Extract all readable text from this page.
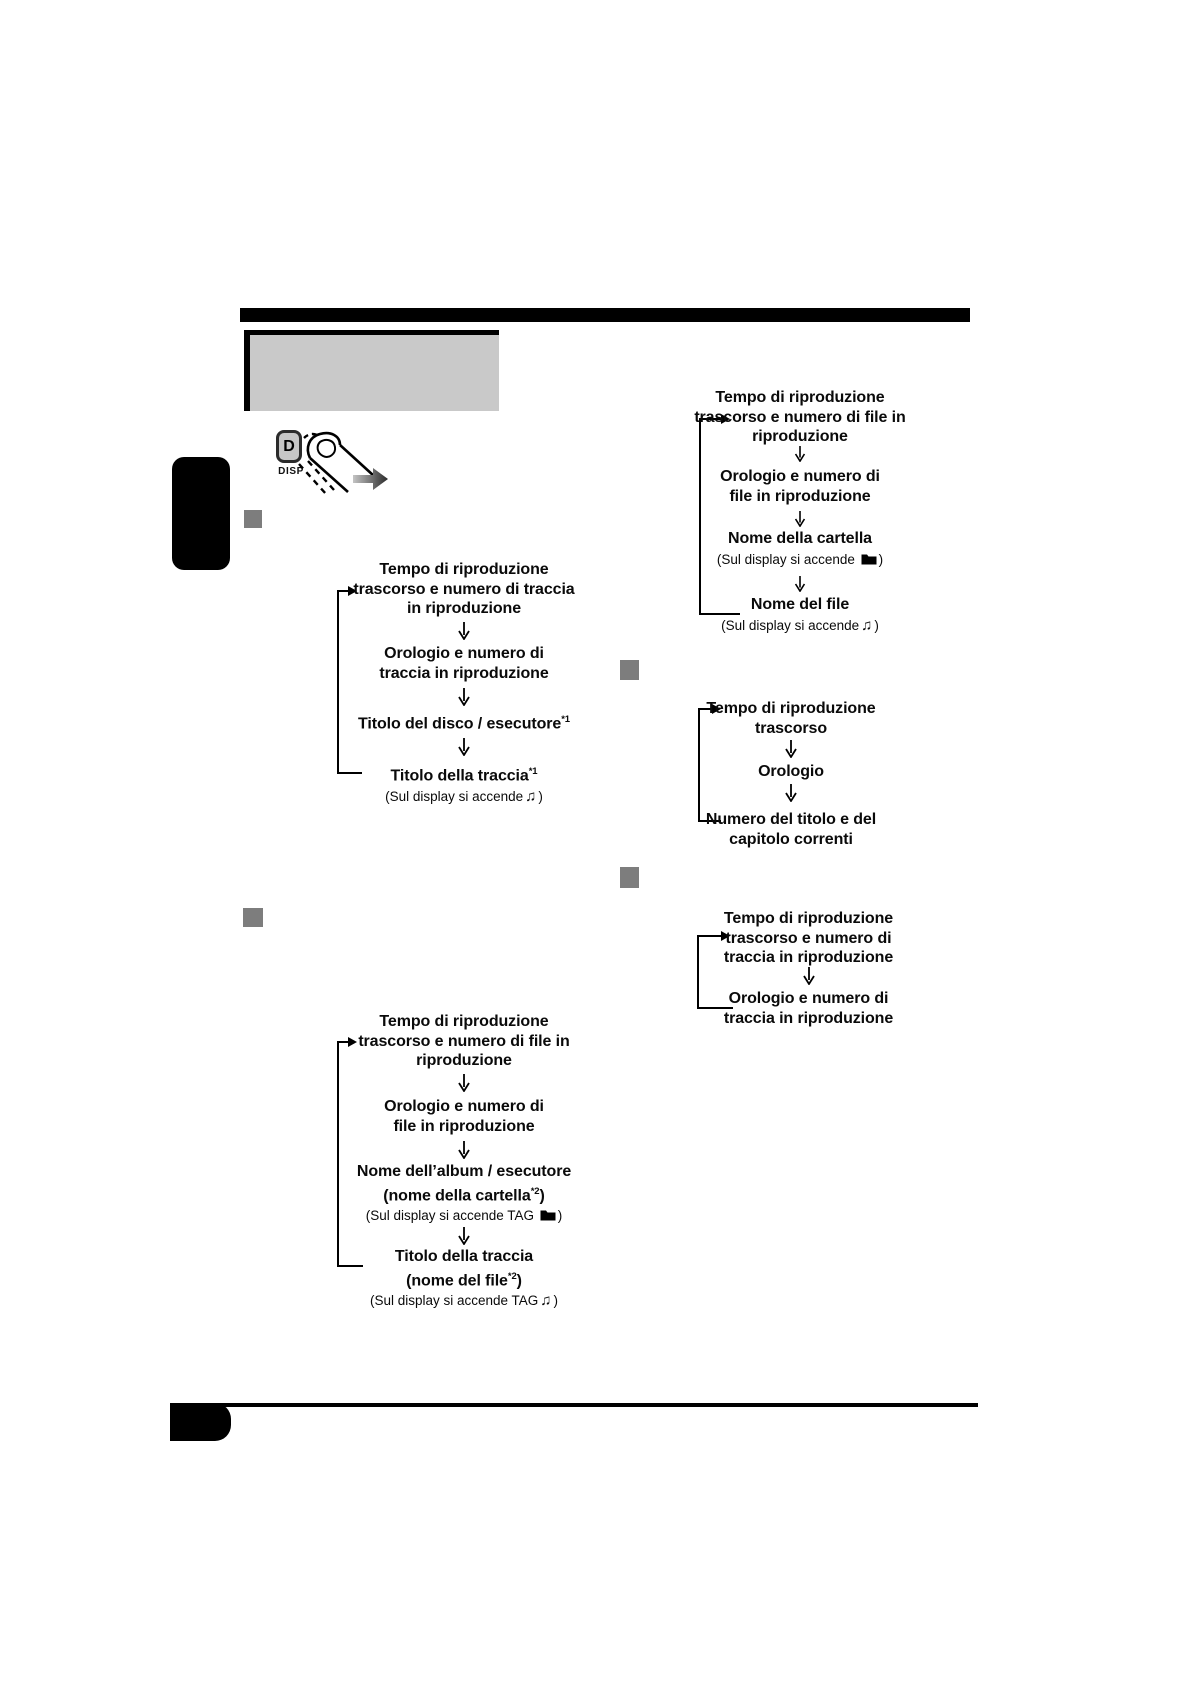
D
DISP
Tempo di riproduzione
trascorso e numero di traccia
in riproduzione
Orologio e numero di
traccia in riproduzione
Titolo del disco / esecutore$^{*1}$
Titolo della traccia$^{*1}$
(Sul display si accende ♫ )
Tempo di riproduzione
trascorso e numero di file in
riproduzione
Orologio e numero di
file in riproduzione
Nome dell’album / esecutore
(nome della cartella$^{*2}$)
(Sul display si accende TAG )
Titolo della traccia
(nome del file$^{*2}$)
(Sul display si accende TAG ♫ )
Tempo di riproduzione
trascorso e numero di file in
riproduzione
Orologio e numero di
file in riproduzione
Nome della cartella
(Sul display si accende )
Nome del file
(Sul display si accende ♫ )
Tempo di riproduzione
trascorso
Orologio
Numero del titolo e del
capitolo correnti
Tempo di riproduzione
trascorso e numero di
traccia in riproduzione
Orologio e numero di
traccia in riproduzione
